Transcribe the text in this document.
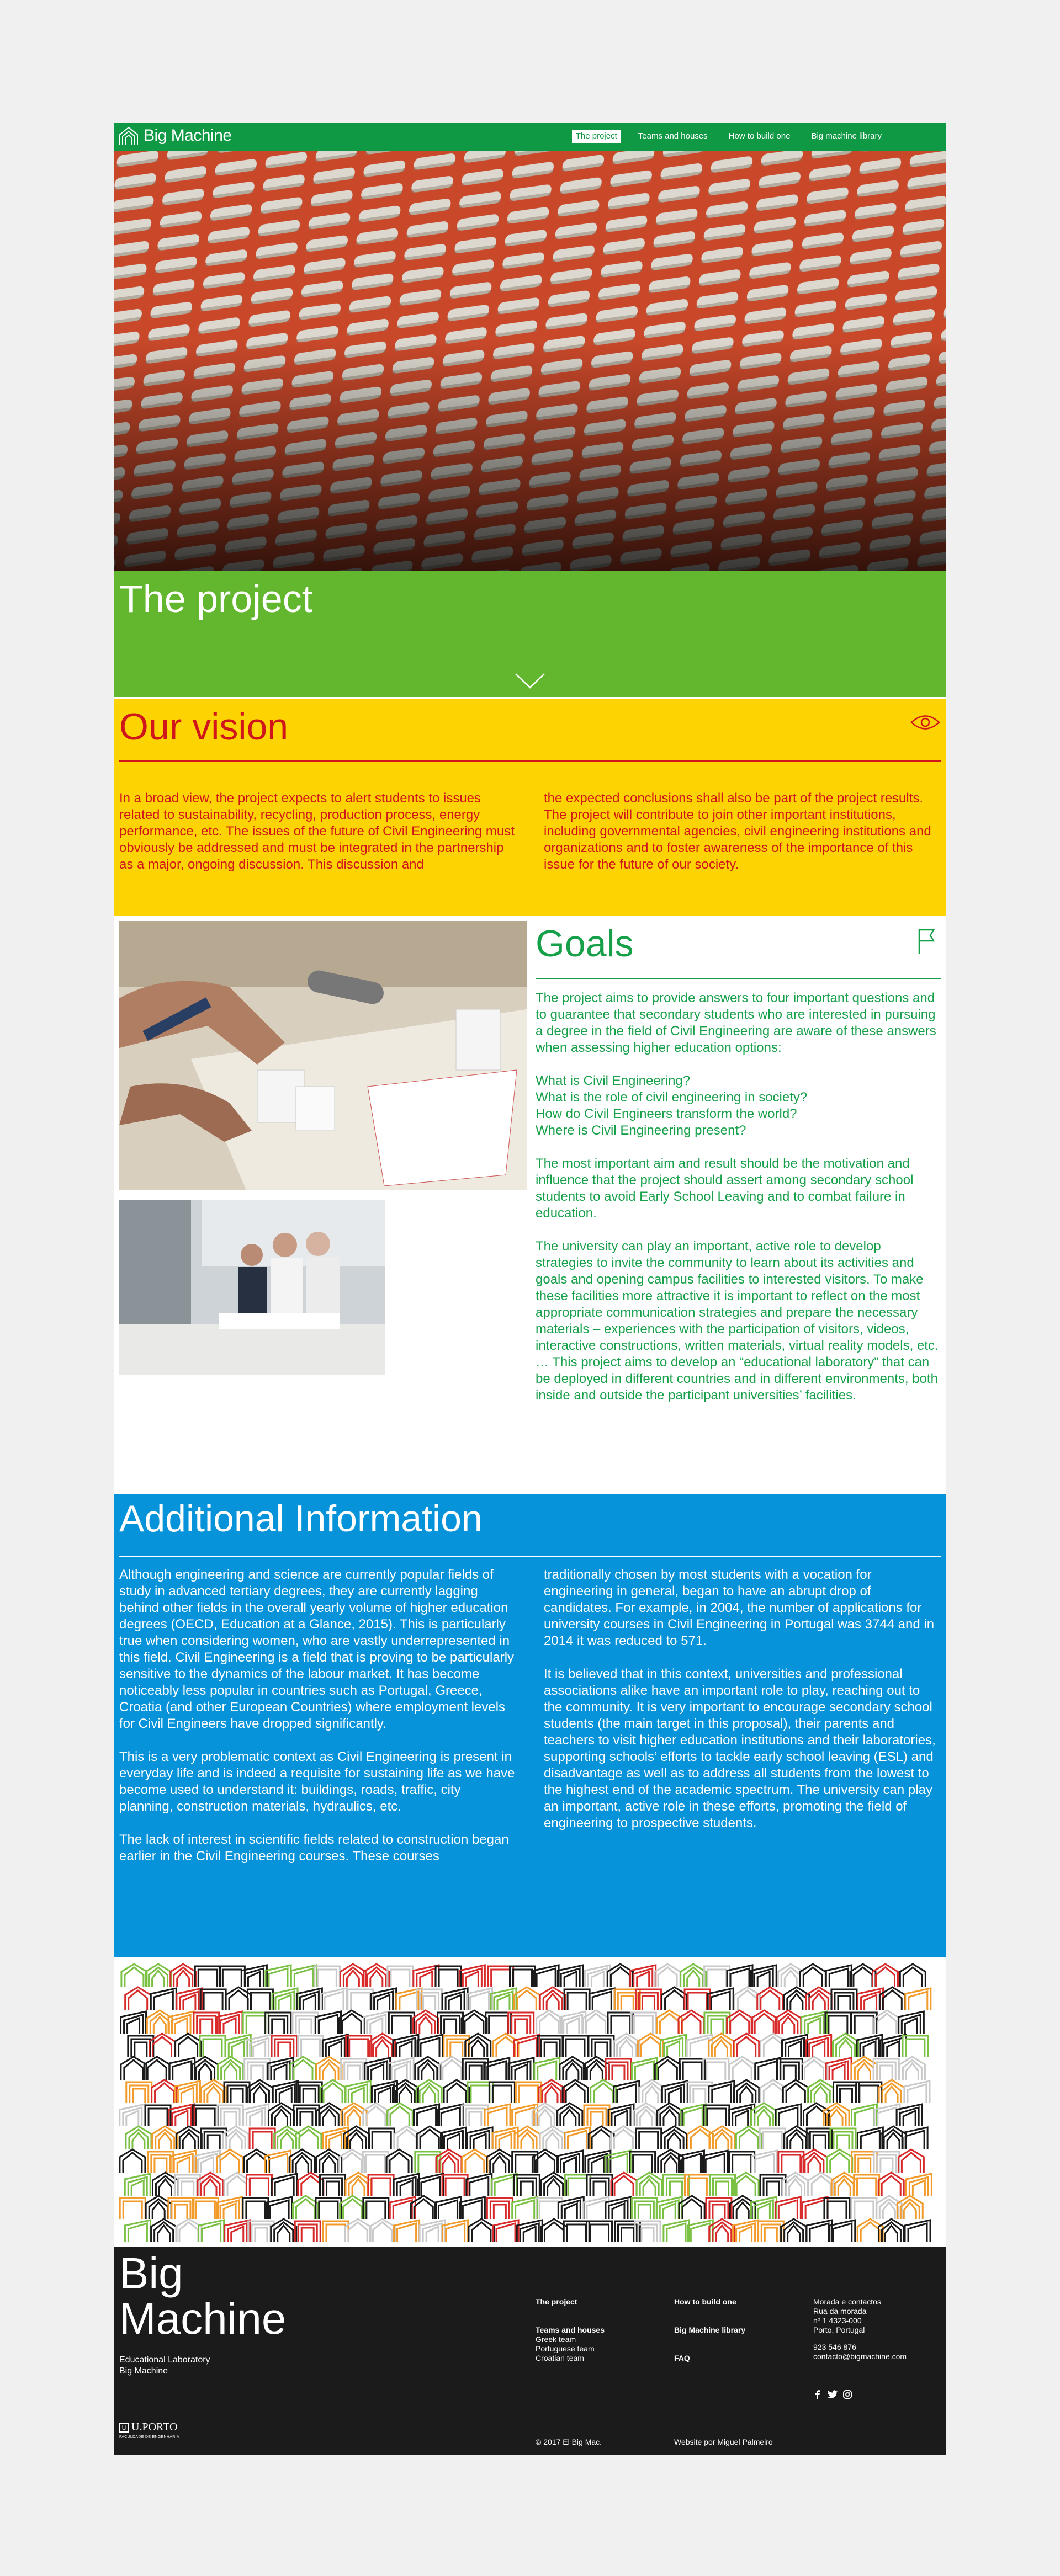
Big Machine	The project	Teams and houses	How to build one	Big machine library
The project
Our vision
In a broad view, the project expects to alert students to issues related to sustainability, recycling, production process, energy performance, etc. The issues of the future of Civil Engineering must obviously be addressed and must be integrated in the partnership as a major, ongoing discussion. This discussion and
the expected conclusions shall also be part of the project results. The project will contribute to join other important institutions, including governmental agencies, civil engineering institutions and organizations and to foster awareness of the importance of this issue for the future of our society.
Goals

The project aims to provide answers to four important questions and to guarantee that secondary students who are interested in pursuing a degree in the field of Civil Engineering are aware of these answers when assessing higher education options:

What is Civil Engineering?
What is the role of civil engineering in society?
How do Civil Engineers transform the world?
Where is Civil Engineering present?

The most important aim and result should be the motivation and influence that the project should assert among secondary school students to avoid Early School Leaving and to combat failure in education.

The university can play an important, active role to develop strategies to invite the community to learn about its activities and goals and opening campus facilities to interested visitors. To make these facilities more attractive it is important to reflect on the most appropriate communication strategies and prepare the necessary materials – experiences with the participation of visitors, videos, interactive constructions, written materials, virtual reality models, etc. … This project aims to develop an “educational laboratory” that can be deployed in different countries and in different environments, both inside and outside the participant universities’ facilities.

Additional Information

Although engineering and science are currently popular fields of study in advanced tertiary degrees, they are currently lagging behind other fields in the overall yearly volume of higher education degrees (OECD, Education at a Glance, 2015). This is particularly true when considering women, who are vastly underrepresented in this field. Civil Engineering is a field that is proving to be particularly sensitive to the dynamics of the labour market. It has become noticeably less popular in countries such as Portugal, Greece, Croatia (and other European Countries) where employment levels for Civil Engineers have dropped significantly.

This is a very problematic context as Civil Engineering is present in everyday life and is indeed a requisite for sustaining life as we have become used to understand it: buildings, roads, traffic, city planning, construction materials, hydraulics, etc.

The lack of interest in scientific fields related to construction began earlier in the Civil Engineering courses. These courses

traditionally chosen by most students with a vocation for engineering in general, began to have an abrupt drop of candidates. For example, in 2004, the number of applications for university courses in Civil Engineering in Portugal was 3744 and in 2014 it was reduced to 571.

It is believed that in this context, universities and professional associations alike have an important role to play, reaching out to the community. It is very important to encourage secondary school students (the main target in this proposal), their parents and teachers to visit higher education institutions and their laboratories, supporting schools’ efforts to tackle early school leaving (ESL) and disadvantage as well as to address all students from the lowest to the highest end of the academic spectrum. The university can play an important, active role in these efforts, promoting the field of engineering to prospective students.

Big
Machine
Educational Laboratory
Big Machine
U U.PORTO
FACULDADE DE ENGENHARIA
The project
Teams and houses
Greek team
Portuguese team
Croatian team
How to build one
Big Machine library
FAQ
Morada e contactos
Rua da morada
nº 1 4323-000
Porto, Portugal
923 546 876
contacto@bigmachine.com
© 2017 El Big Mac.	Website por Miguel Palmeiro
